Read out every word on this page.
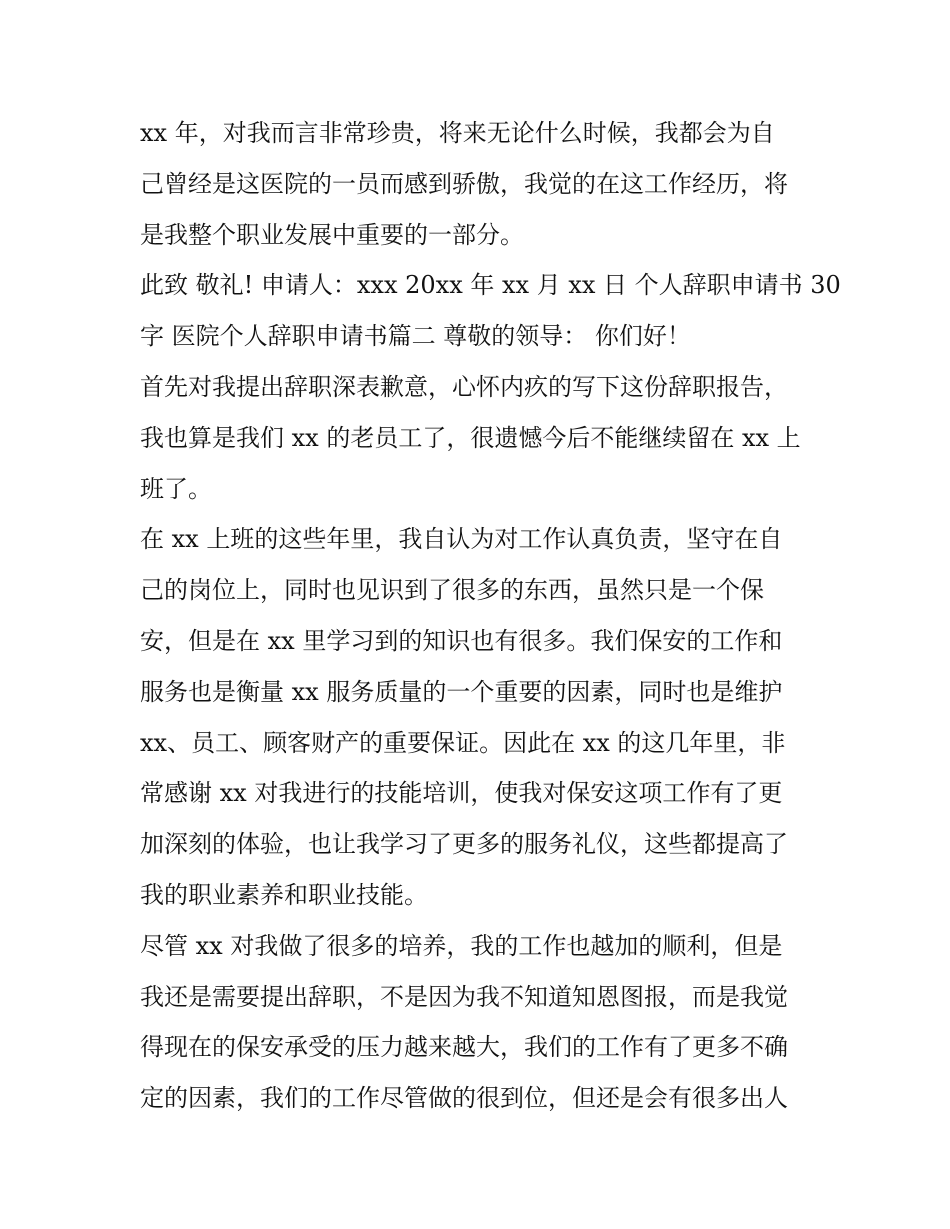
xx 年，对我而言非常珍贵，将来无论什么时候，我都会为自
己曾经是这医院的一员而感到骄傲，我觉的在这工作经历，将
是我整个职业发展中重要的一部分。
此致 敬礼! 申请人：xxx 20xx 年 xx 月 xx 日 个人辞职申请书 30
字 医院个人辞职申请书篇二 尊敬的领导： 你们好！
首先对我提出辞职深表歉意，心怀内疚的写下这份辞职报告，
我也算是我们 xx 的老员工了，很遗憾今后不能继续留在 xx 上
班了。
在 xx 上班的这些年里，我自认为对工作认真负责，坚守在自
己的岗位上，同时也见识到了很多的东西，虽然只是一个保
安，但是在 xx 里学习到的知识也有很多。我们保安的工作和
服务也是衡量 xx 服务质量的一个重要的因素，同时也是维护
xx、员工、顾客财产的重要保证。因此在 xx 的这几年里，非
常感谢 xx 对我进行的技能培训，使我对保安这项工作有了更
加深刻的体验，也让我学习了更多的服务礼仪，这些都提高了
我的职业素养和职业技能。
尽管 xx 对我做了很多的培养，我的工作也越加的顺利，但是
我还是需要提出辞职，不是因为我不知道知恩图报，而是我觉
得现在的保安承受的压力越来越大，我们的工作有了更多不确
定的因素，我们的工作尽管做的很到位，但还是会有很多出人
